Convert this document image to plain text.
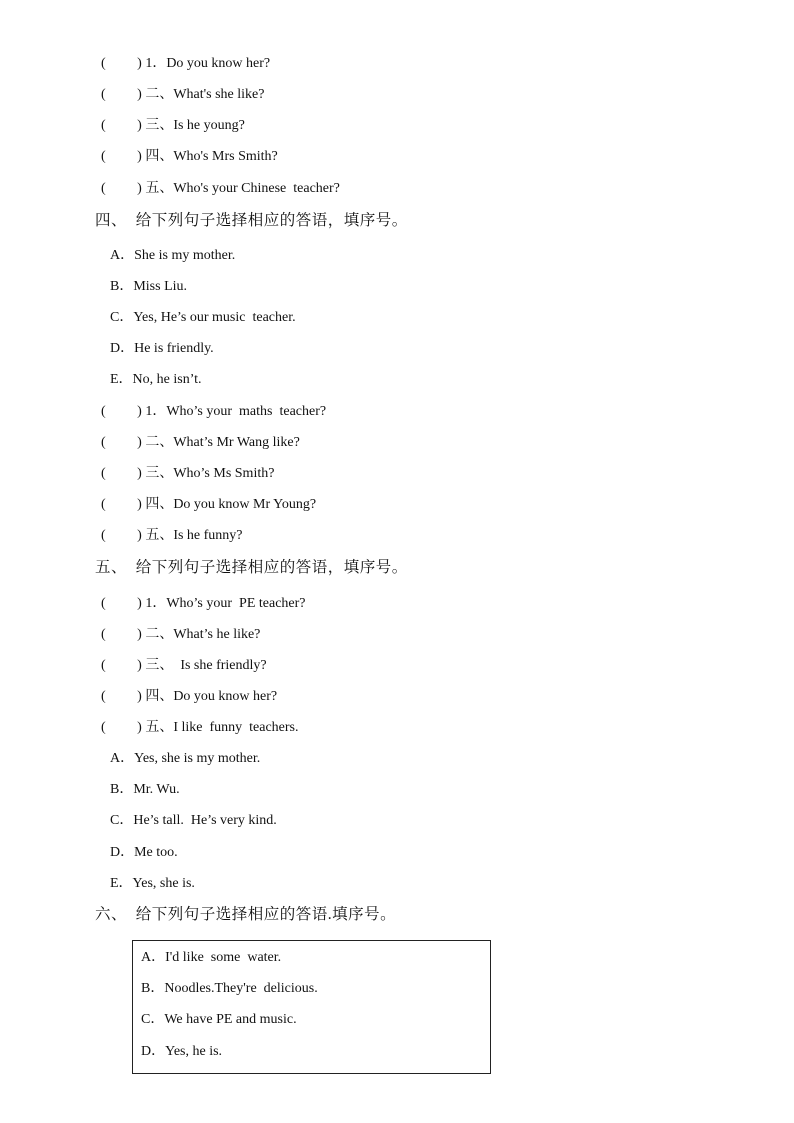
(　　 ) 1．Do you know her?
(　　 ) 二、What's she like?
(　　 ) 三、Is he young?
(　　 ) 四、Who's Mrs Smith?
(　　 ) 五、Who's your Chinese  teacher?
四、  给下列句子选择相应的答语，填序号。
A．She is my mother.
B．Miss Liu.
C．Yes, He’s our music  teacher.
D．He is friendly.
E．No, he isn’t.
(　　 ) 1．Who’s your  maths  teacher?
(　　 ) 二、What’s Mr Wang like?
(　　 ) 三、Who’s Ms Smith?
(　　 ) 四、Do you know Mr Young?
(　　 ) 五、Is he funny?
五、  给下列句子选择相应的答语，填序号。
(　　 ) 1．Who’s your  PE teacher?
(　　 ) 二、What’s he like?
(　　 ) 三、  Is she friendly?
(　　 ) 四、Do you know her?
(　　 ) 五、I like  funny  teachers.
A．Yes, she is my mother.
B．Mr. Wu.
C．He’s tall.  He’s very kind.
D．Me too.
E．Yes, she is.
六、  给下列句子选择相应的答语.填序号。
A．I'd like  some  water.
B．Noodles.They're  delicious.
C．We have PE and music.
D．Yes, he is.
